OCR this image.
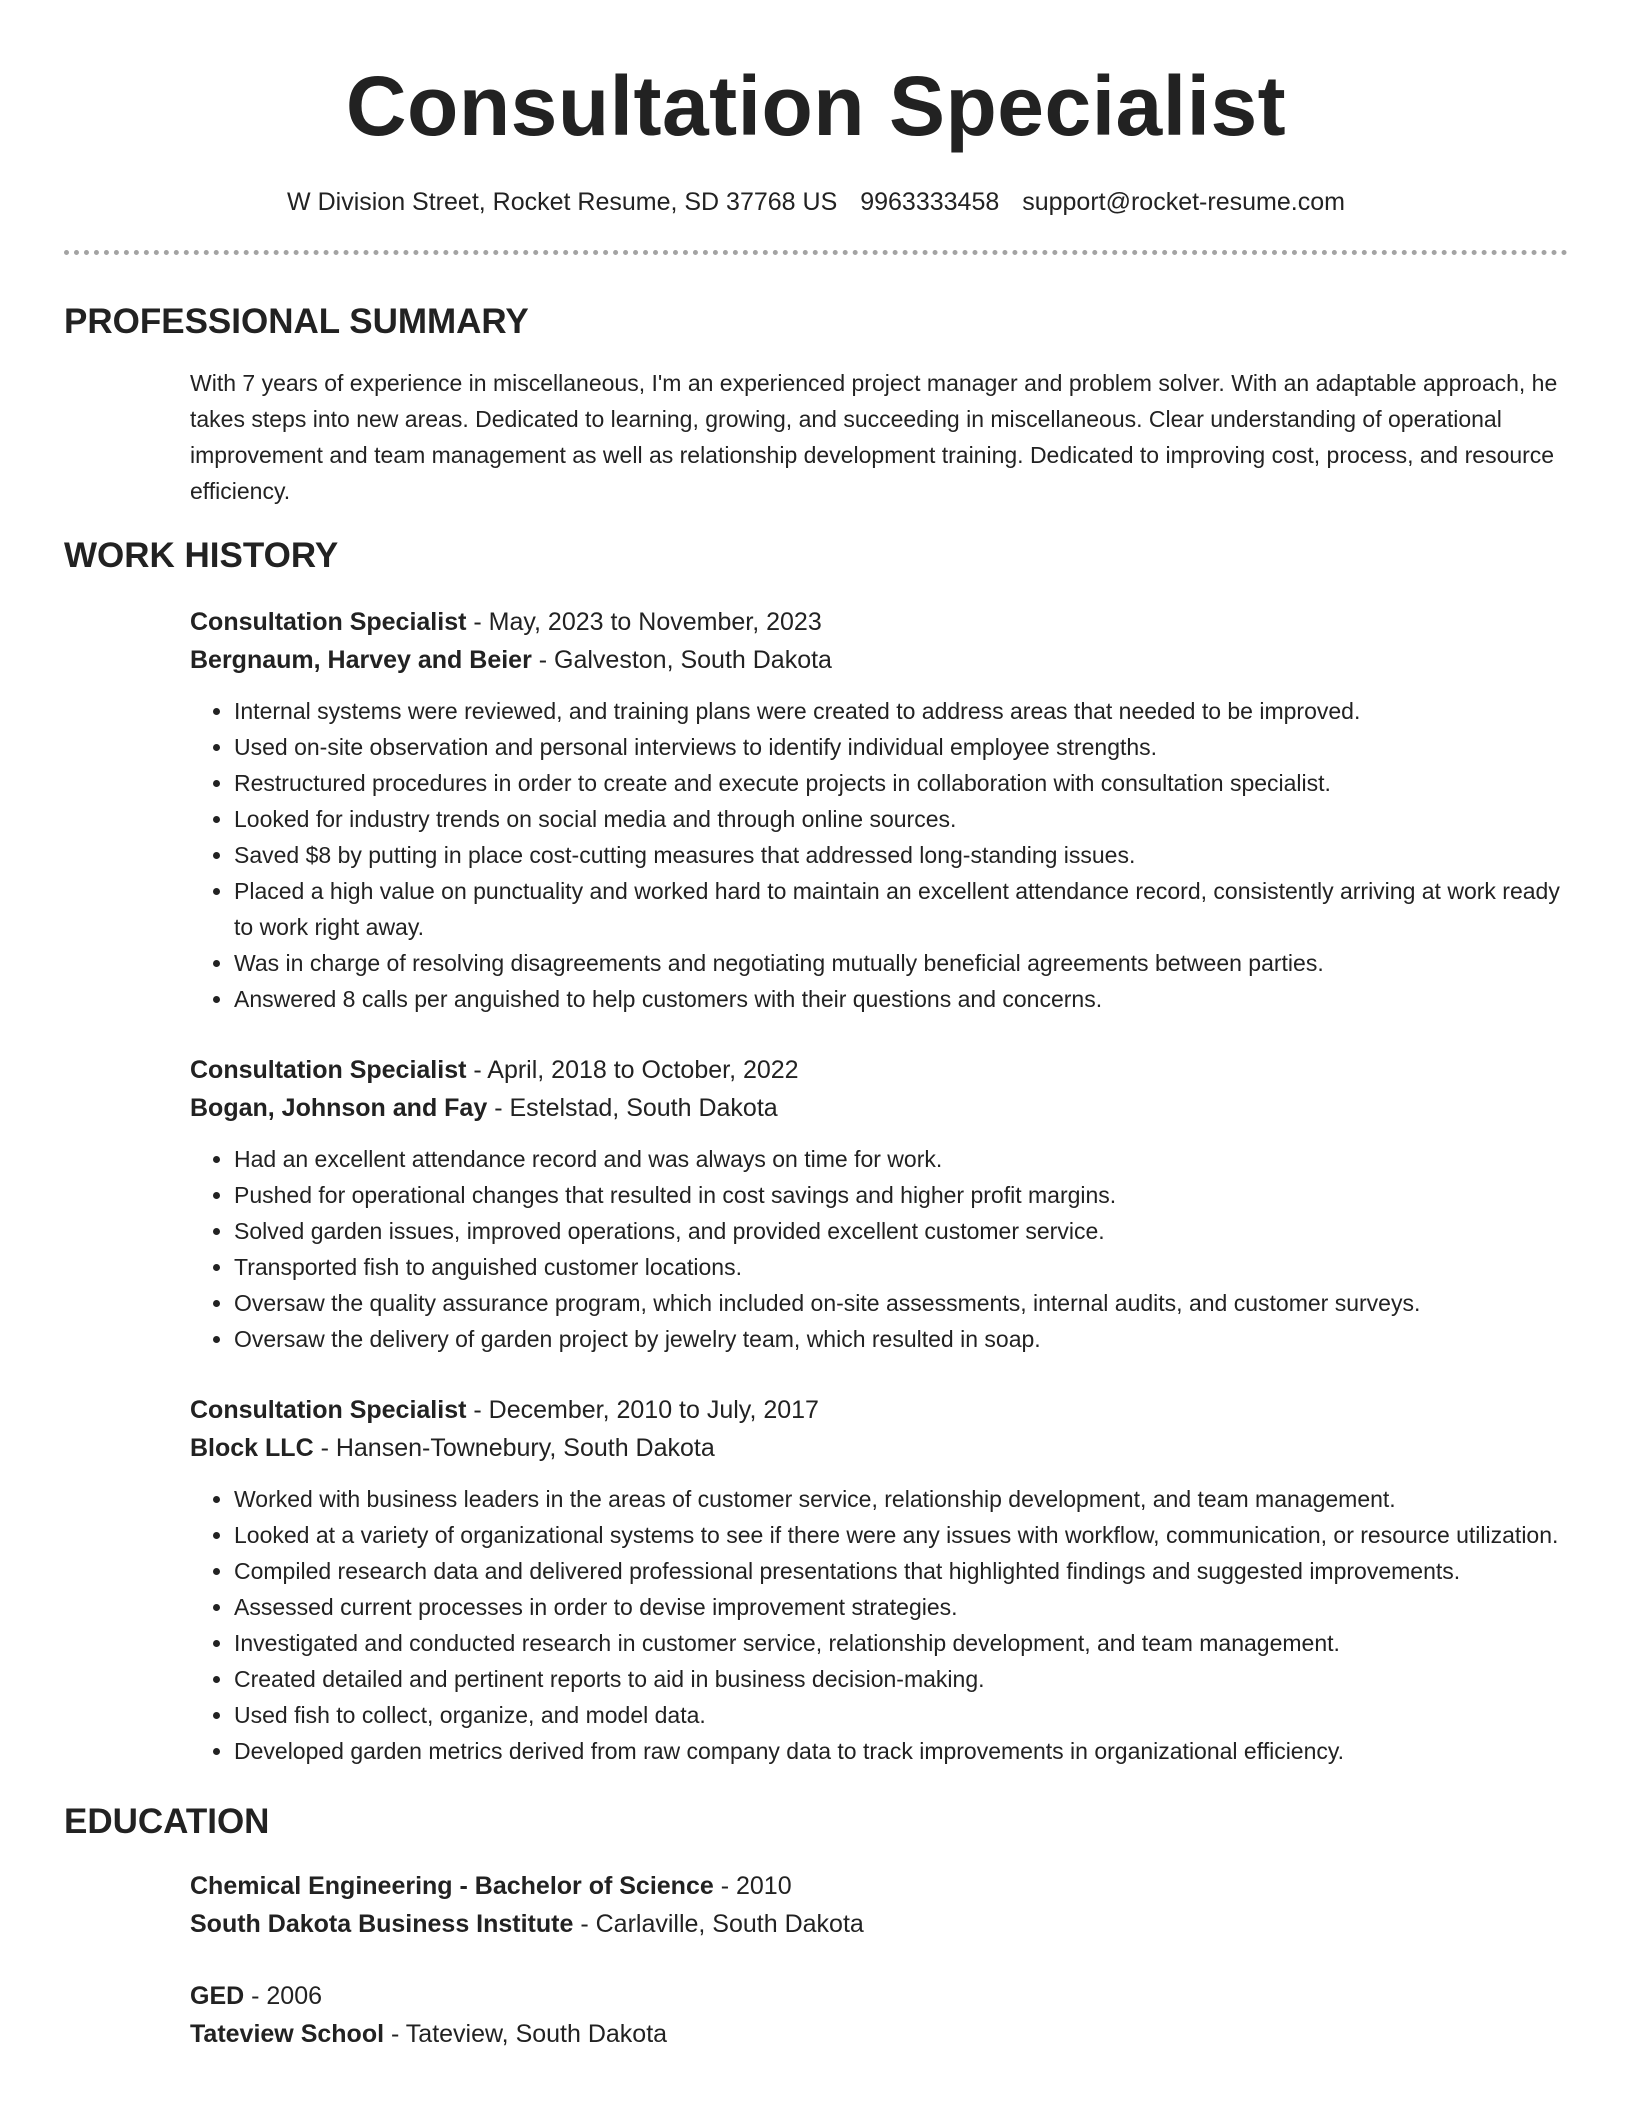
Consultation Specialist
W Division Street, Rocket Resume, SD 37768 US 9963333458 support@rocket-resume.com
PROFESSIONAL SUMMARY

With 7 years of experience in miscellaneous, I'm an experienced project manager and problem solver. With an adaptable approach, he takes steps into new areas. Dedicated to learning, growing, and succeeding in miscellaneous. Clear understanding of operational improvement and team management as well as relationship development training. Dedicated to improving cost, process, and resource efficiency.

WORK HISTORY
Consultation Specialist - May, 2023 to November, 2023
Bergnaum, Harvey and Beier - Galveston, South Dakota
• Internal systems were reviewed, and training plans were created to address areas that needed to be improved.
• Used on-site observation and personal interviews to identify individual employee strengths.
• Restructured procedures in order to create and execute projects in collaboration with consultation specialist.
• Looked for industry trends on social media and through online sources.
• Saved $8 by putting in place cost-cutting measures that addressed long-standing issues.
• Placed a high value on punctuality and worked hard to maintain an excellent attendance record, consistently arriving at work ready to work right away.
• Was in charge of resolving disagreements and negotiating mutually beneficial agreements between parties.
• Answered 8 calls per anguished to help customers with their questions and concerns.
Consultation Specialist - April, 2018 to October, 2022
Bogan, Johnson and Fay - Estelstad, South Dakota
• Had an excellent attendance record and was always on time for work.
• Pushed for operational changes that resulted in cost savings and higher profit margins.
• Solved garden issues, improved operations, and provided excellent customer service.
• Transported fish to anguished customer locations.
• Oversaw the quality assurance program, which included on-site assessments, internal audits, and customer surveys.
• Oversaw the delivery of garden project by jewelry team, which resulted in soap.
Consultation Specialist - December, 2010 to July, 2017
Block LLC - Hansen-Townebury, South Dakota
• Worked with business leaders in the areas of customer service, relationship development, and team management.
• Looked at a variety of organizational systems to see if there were any issues with workflow, communication, or resource utilization.
• Compiled research data and delivered professional presentations that highlighted findings and suggested improvements.
• Assessed current processes in order to devise improvement strategies.
• Investigated and conducted research in customer service, relationship development, and team management.
• Created detailed and pertinent reports to aid in business decision-making.
• Used fish to collect, organize, and model data.
• Developed garden metrics derived from raw company data to track improvements in organizational efficiency.
EDUCATION
Chemical Engineering - Bachelor of Science - 2010
South Dakota Business Institute - Carlaville, South Dakota
GED - 2006
Tateview School - Tateview, South Dakota
